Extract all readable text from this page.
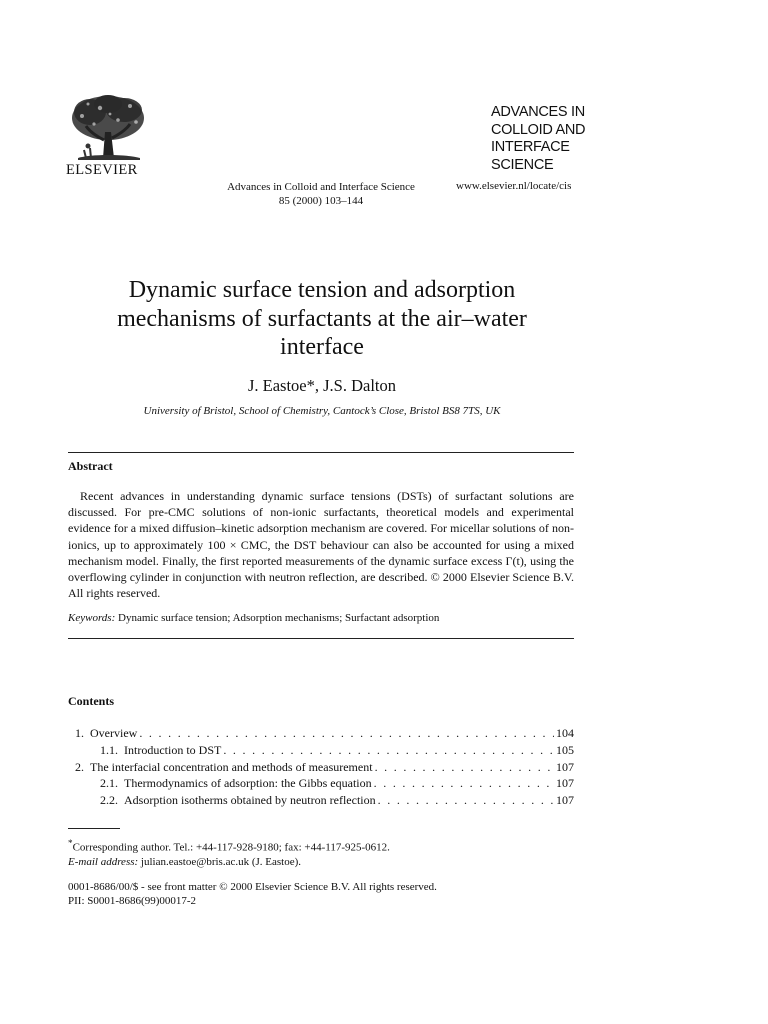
ELSEVIER
ADVANCES IN
COLLOID AND
INTERFACE
SCIENCE
Advances in Colloid and Interface Science
85 (2000) 103–144
www.elsevier.nl/locate/cis
Dynamic surface tension and adsorption mechanisms of surfactants at the air–water interface
J. Eastoe*, J.S. Dalton
University of Bristol, School of Chemistry, Cantock’s Close, Bristol BS8 7TS, UK
Abstract
Recent advances in understanding dynamic surface tensions (DSTs) of surfactant solutions are discussed. For pre-CMC solutions of non-ionic surfactants, theoretical models and experimental evidence for a mixed diffusion–kinetic adsorption mechanism are covered. For micellar solutions of non-ionics, up to approximately 100 × CMC, the DST behaviour can also be accounted for using a mixed mechanism model. Finally, the first reported measurements of the dynamic surface excess Γ(t), using the overflowing cylinder in conjunction with neutron reflection, are described. © 2000 Elsevier Science B.V. All rights reserved.
Keywords: Dynamic surface tension; Adsorption mechanisms; Surfactant adsorption
Contents
1. Overview . . .	104
1.1. Introduction to DST . . .	105
2. The interfacial concentration and methods of measurement . . .	107
2.1. Thermodynamics of adsorption: the Gibbs equation . . .	107
2.2. Adsorption isotherms obtained by neutron reflection . . .	107
*Corresponding author. Tel.: +44-117-928-9180; fax: +44-117-925-0612.
E-mail address: julian.eastoe@bris.ac.uk (J. Eastoe).
0001-8686/00/$ - see front matter © 2000 Elsevier Science B.V. All rights reserved.
PII: S0001-8686(99)00017-2
